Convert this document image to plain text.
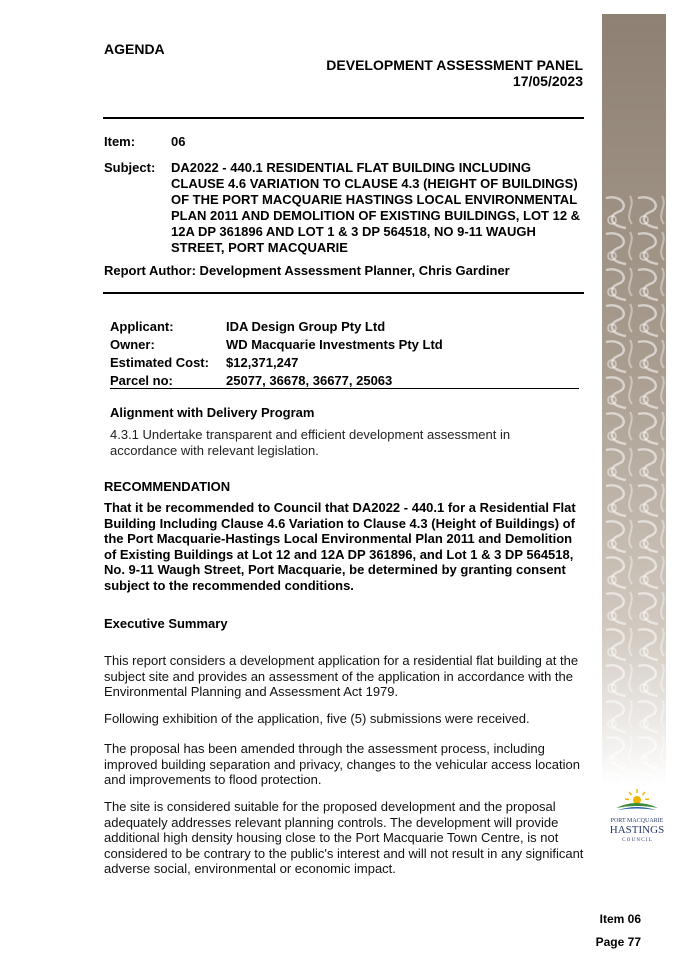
AGENDA
DEVELOPMENT ASSESSMENT PANEL
17/05/2023
Item:	06
Subject: DA2022 - 440.1 RESIDENTIAL FLAT BUILDING INCLUDING CLAUSE 4.6 VARIATION TO CLAUSE 4.3 (HEIGHT OF BUILDINGS) OF THE PORT MACQUARIE HASTINGS LOCAL ENVIRONMENTAL PLAN 2011 AND DEMOLITION OF EXISTING BUILDINGS, LOT 12 & 12A DP 361896 AND LOT 1 & 3 DP 564518, NO 9-11 WAUGH STREET, PORT MACQUARIE
Report Author: Development Assessment Planner, Chris Gardiner
Applicant:	IDA Design Group Pty Ltd
Owner:	WD Macquarie Investments Pty Ltd
Estimated Cost:	$12,371,247
Parcel no:	25077, 36678, 36677, 25063
Alignment with Delivery Program
4.3.1 Undertake transparent and efficient development assessment in accordance with relevant legislation.
RECOMMENDATION
That it be recommended to Council that DA2022 - 440.1 for a Residential Flat Building Including Clause 4.6 Variation to Clause 4.3 (Height of Buildings) of the Port Macquarie-Hastings Local Environmental Plan 2011 and Demolition of Existing Buildings at Lot 12 and 12A DP 361896, and Lot 1 & 3 DP 564518, No. 9-11 Waugh Street, Port Macquarie, be determined by granting consent subject to the recommended conditions.
Executive Summary
This report considers a development application for a residential flat building at the subject site and provides an assessment of the application in accordance with the Environmental Planning and Assessment Act 1979.
Following exhibition of the application, five (5) submissions were received.
The proposal has been amended through the assessment process, including improved building separation and privacy, changes to the vehicular access location and improvements to flood protection.
The site is considered suitable for the proposed development and the proposal adequately addresses relevant planning controls. The development will provide additional high density housing close to the Port Macquarie Town Centre, is not considered to be contrary to the public's interest and will not result in any significant adverse social, environmental or economic impact.
PORT MACQUARIE
HASTINGS
C O U N C I L
Item 06
Page 77
